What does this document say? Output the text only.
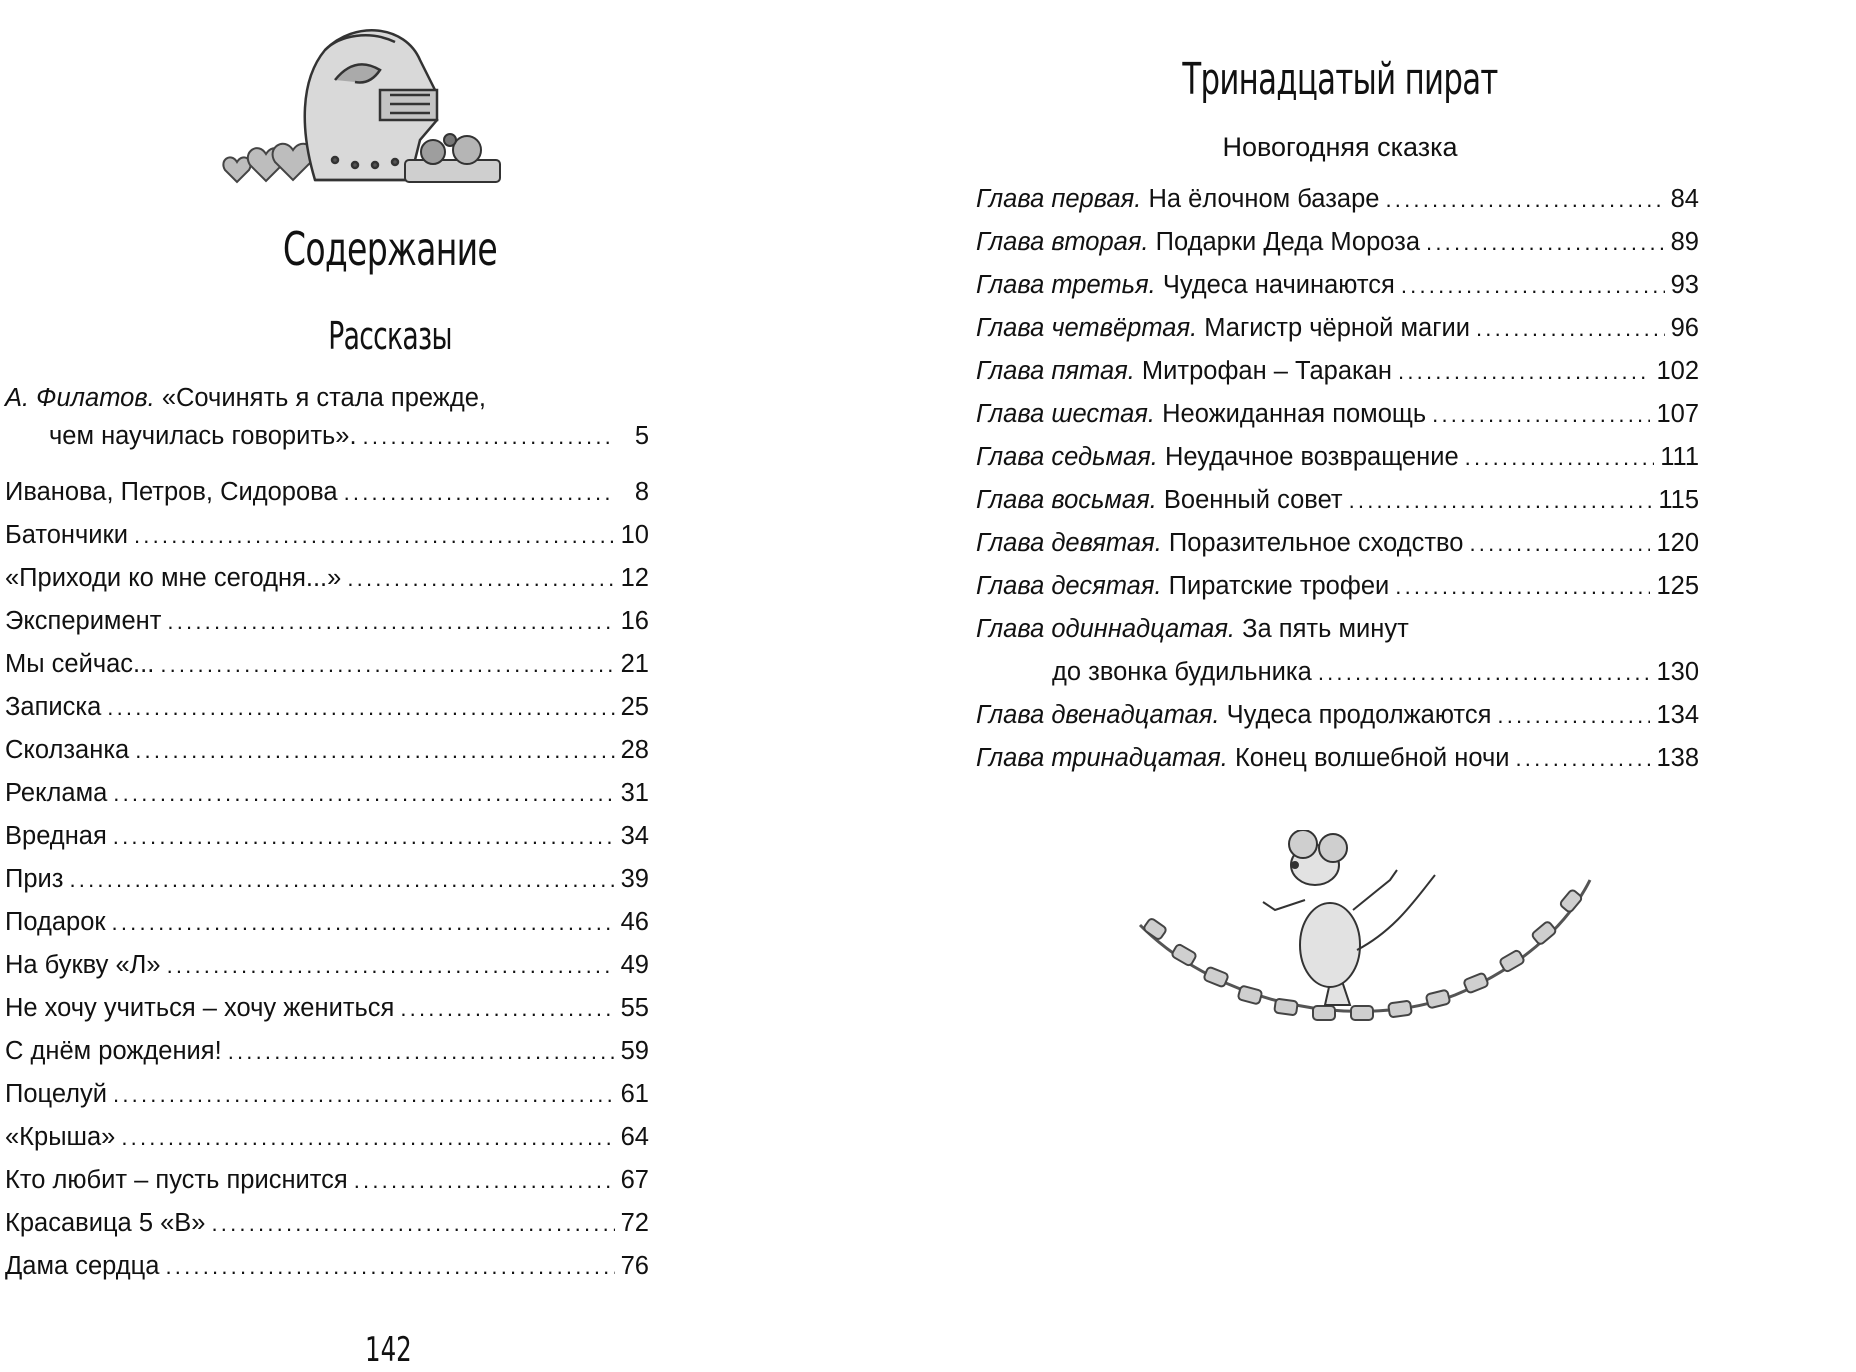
Содержание
Рассказы
А. Филатов. «Сочинять я стала прежде,
чем научилась говорить». .....	5
Иванова, Петров, Сидорова .....	8
Батончики .....	10
«Приходи ко мне сегодня...» .....	12
Эксперимент .....	16
Мы сейчас... .....	21
Записка .....	25
Сколзанка .....	28
Реклама .....	31
Вредная .....	34
Приз .....	39
Подарок .....	46
На букву «Л» .....	49
Не хочу учиться – хочу жениться .....	55
С днём рождения! .....	59
Поцелуй .....	61
«Крыша» .....	64
Кто любит – пусть приснится .....	67
Красавица 5 «В» .....	72
Дама сердца .....	76
142
Тринадцатый пират
Новогодняя сказка
Глава первая. На ёлочном базаре .....	84
Глава вторая. Подарки Деда Мороза .....	89
Глава третья. Чудеса начинаются .....	93
Глава четвёртая. Магистр чёрной магии .....	96
Глава пятая. Митрофан – Таракан .....	102
Глава шестая. Неожиданная помощь .....	107
Глава седьмая. Неудачное возвращение .....	111
Глава восьмая. Военный совет .....	115
Глава девятая. Поразительное сходство .....	120
Глава десятая. Пиратские трофеи .....	125
Глава одиннадцатая. За пять минут
до звонка будильника .....	130
Глава двенадцатая. Чудеса продолжаются .....	134
Глава тринадцатая. Конец волшебной ночи .....	138
